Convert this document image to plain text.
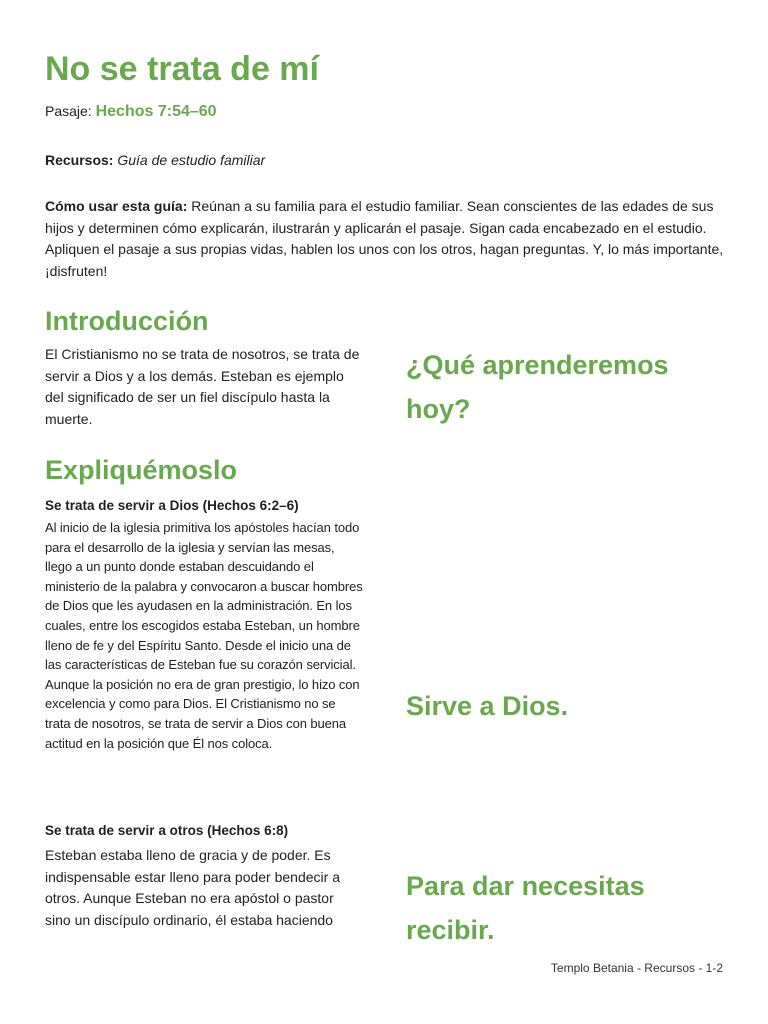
No se trata de mí
Pasaje: Hechos 7:54–60
Recursos: Guía de estudio familiar

Cómo usar esta guía: Reúnan a su familia para el estudio familiar. Sean conscientes de las edades de sus hijos y determinen cómo explicarán, ilustrarán y aplicarán el pasaje. Sigan cada encabezado en el estudio. Apliquen el pasaje a sus propias vidas, hablen los unos con los otros, hagan preguntas. Y, lo más importante, ¡disfruten!

Introducción

El Cristianismo no se trata de nosotros, se trata de servir a Dios y a los demás. Esteban es ejemplo del significado de ser un fiel discípulo hasta la muerte.

Expliquémoslo
Se trata de servir a Dios (Hechos 6:2–6)

Al inicio de la iglesia primitiva los apóstoles hacían todo para el desarrollo de la iglesia y servían las mesas, llego a un punto donde estaban descuidando el ministerio de la palabra y convocaron a buscar hombres de Dios que les ayudasen en la administración. En los cuales, entre los escogidos estaba Esteban, un hombre lleno de fe y del Espíritu Santo. Desde el inicio una de las características de Esteban fue su corazón servicial. Aunque la posición no era de gran prestigio, lo hizo con excelencia y como para Dios. El Cristianismo no se trata de nosotros, se trata de servir a Dios con buena actitud en la posición que Él nos coloca.

Se trata de servir a otros (Hechos 6:8)

Esteban estaba lleno de gracia y de poder. Es indispensable estar lleno para poder bendecir a otros. Aunque Esteban no era apóstol o pastor sino un discípulo ordinario, él estaba haciendo

¿Qué aprenderemos hoy?

Sirve a Dios.

Para dar necesitas recibir.

Templo Betania - Recursos - 1-2
